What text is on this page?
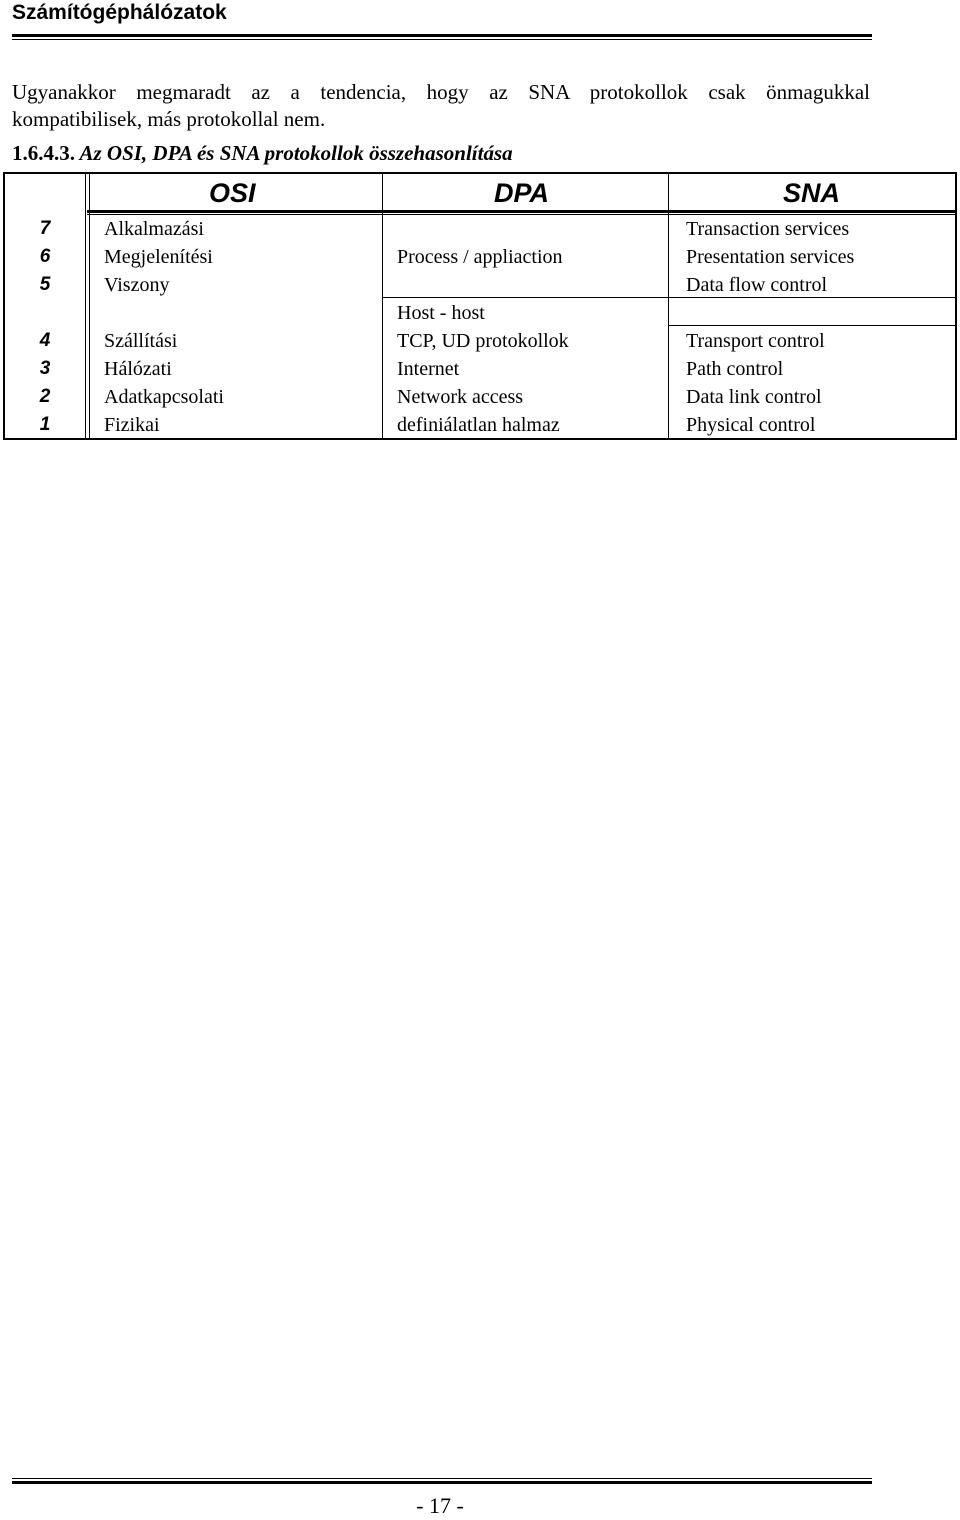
Számítógéphálózatok

Ugyanakkor megmaradt az a tendencia, hogy az SNA protokollok csak önmagukkal
kompatibilisek, más protokollal nem.

1.6.4.3. Az OSI, DPA és SNA protokollok összehasonlítása
OSI	DPA	SNA
7
6
5
4
3
2
1
Alkalmazási
Megjelenítési
Viszony
Szállítási
Hálózati
Adatkapcsolati
Fizikai
Process / appliaction
Host - host
TCP, UD protokollok
Internet
Network access
definiálatlan halmaz
Transaction services
Presentation services
Data flow control
Transport control
Path control
Data link control
Physical control
- 17 -
